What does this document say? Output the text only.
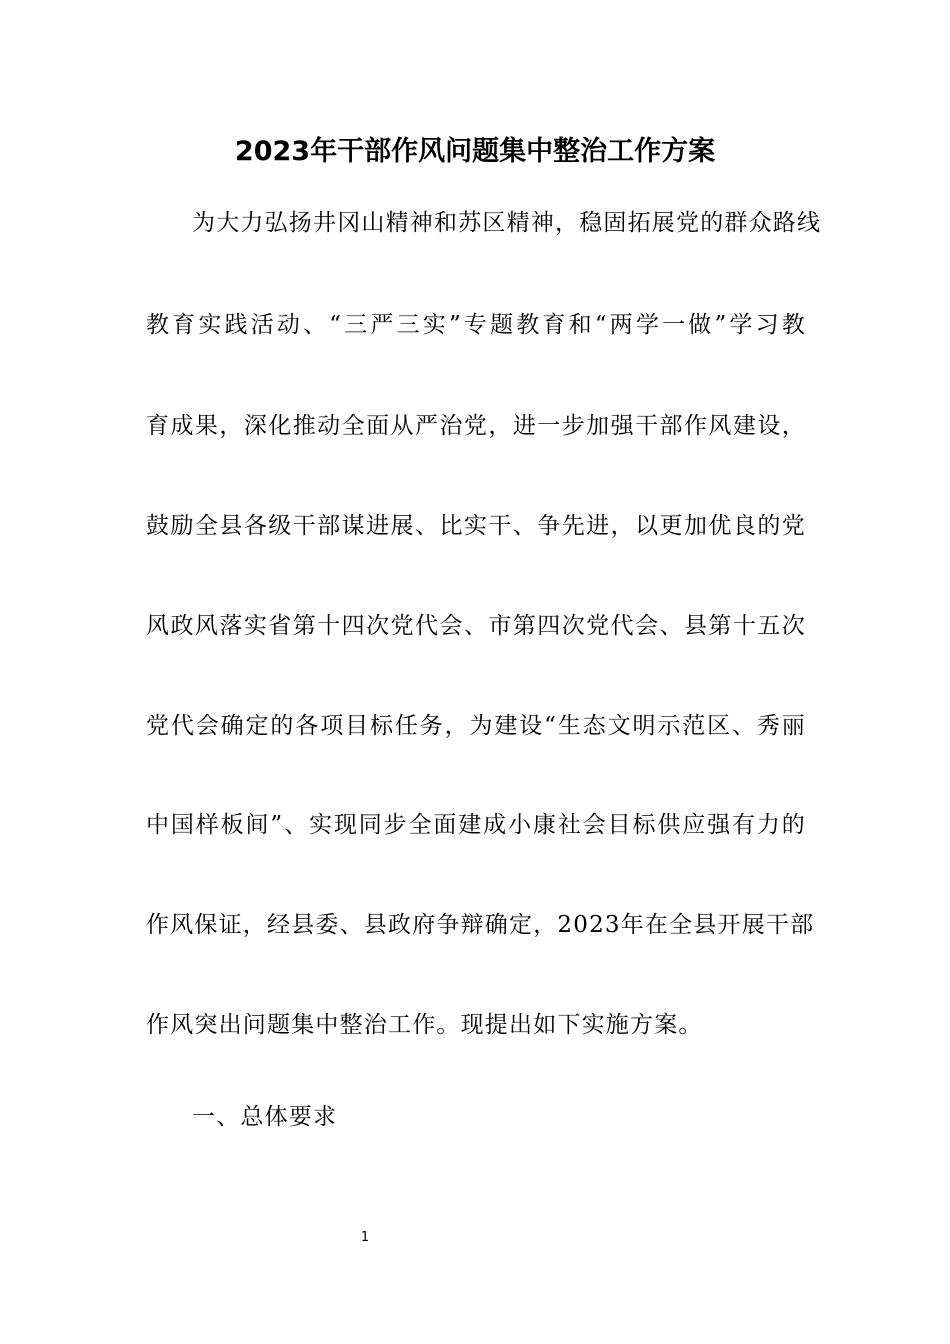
2023年干部作风问题集中整治工作方案
为大力弘扬井冈山精神和苏区精神，稳固拓展党的群众路线
教育实践活动、“三严三实”专题教育和“两学一做”学习教
育成果，深化推动全面从严治党，进一步加强干部作风建设，
鼓励全县各级干部谋进展、比实干、争先进，以更加优良的党
风政风落实省第十四次党代会、市第四次党代会、县第十五次
党代会确定的各项目标任务，为建设“生态文明示范区、秀丽
中国样板间”、实现同步全面建成小康社会目标供应强有力的
作风保证，经县委、县政府争辩确定，2023年在全县开展干部
作风突出问题集中整治工作。现提出如下实施方案。
一、总体要求
1
